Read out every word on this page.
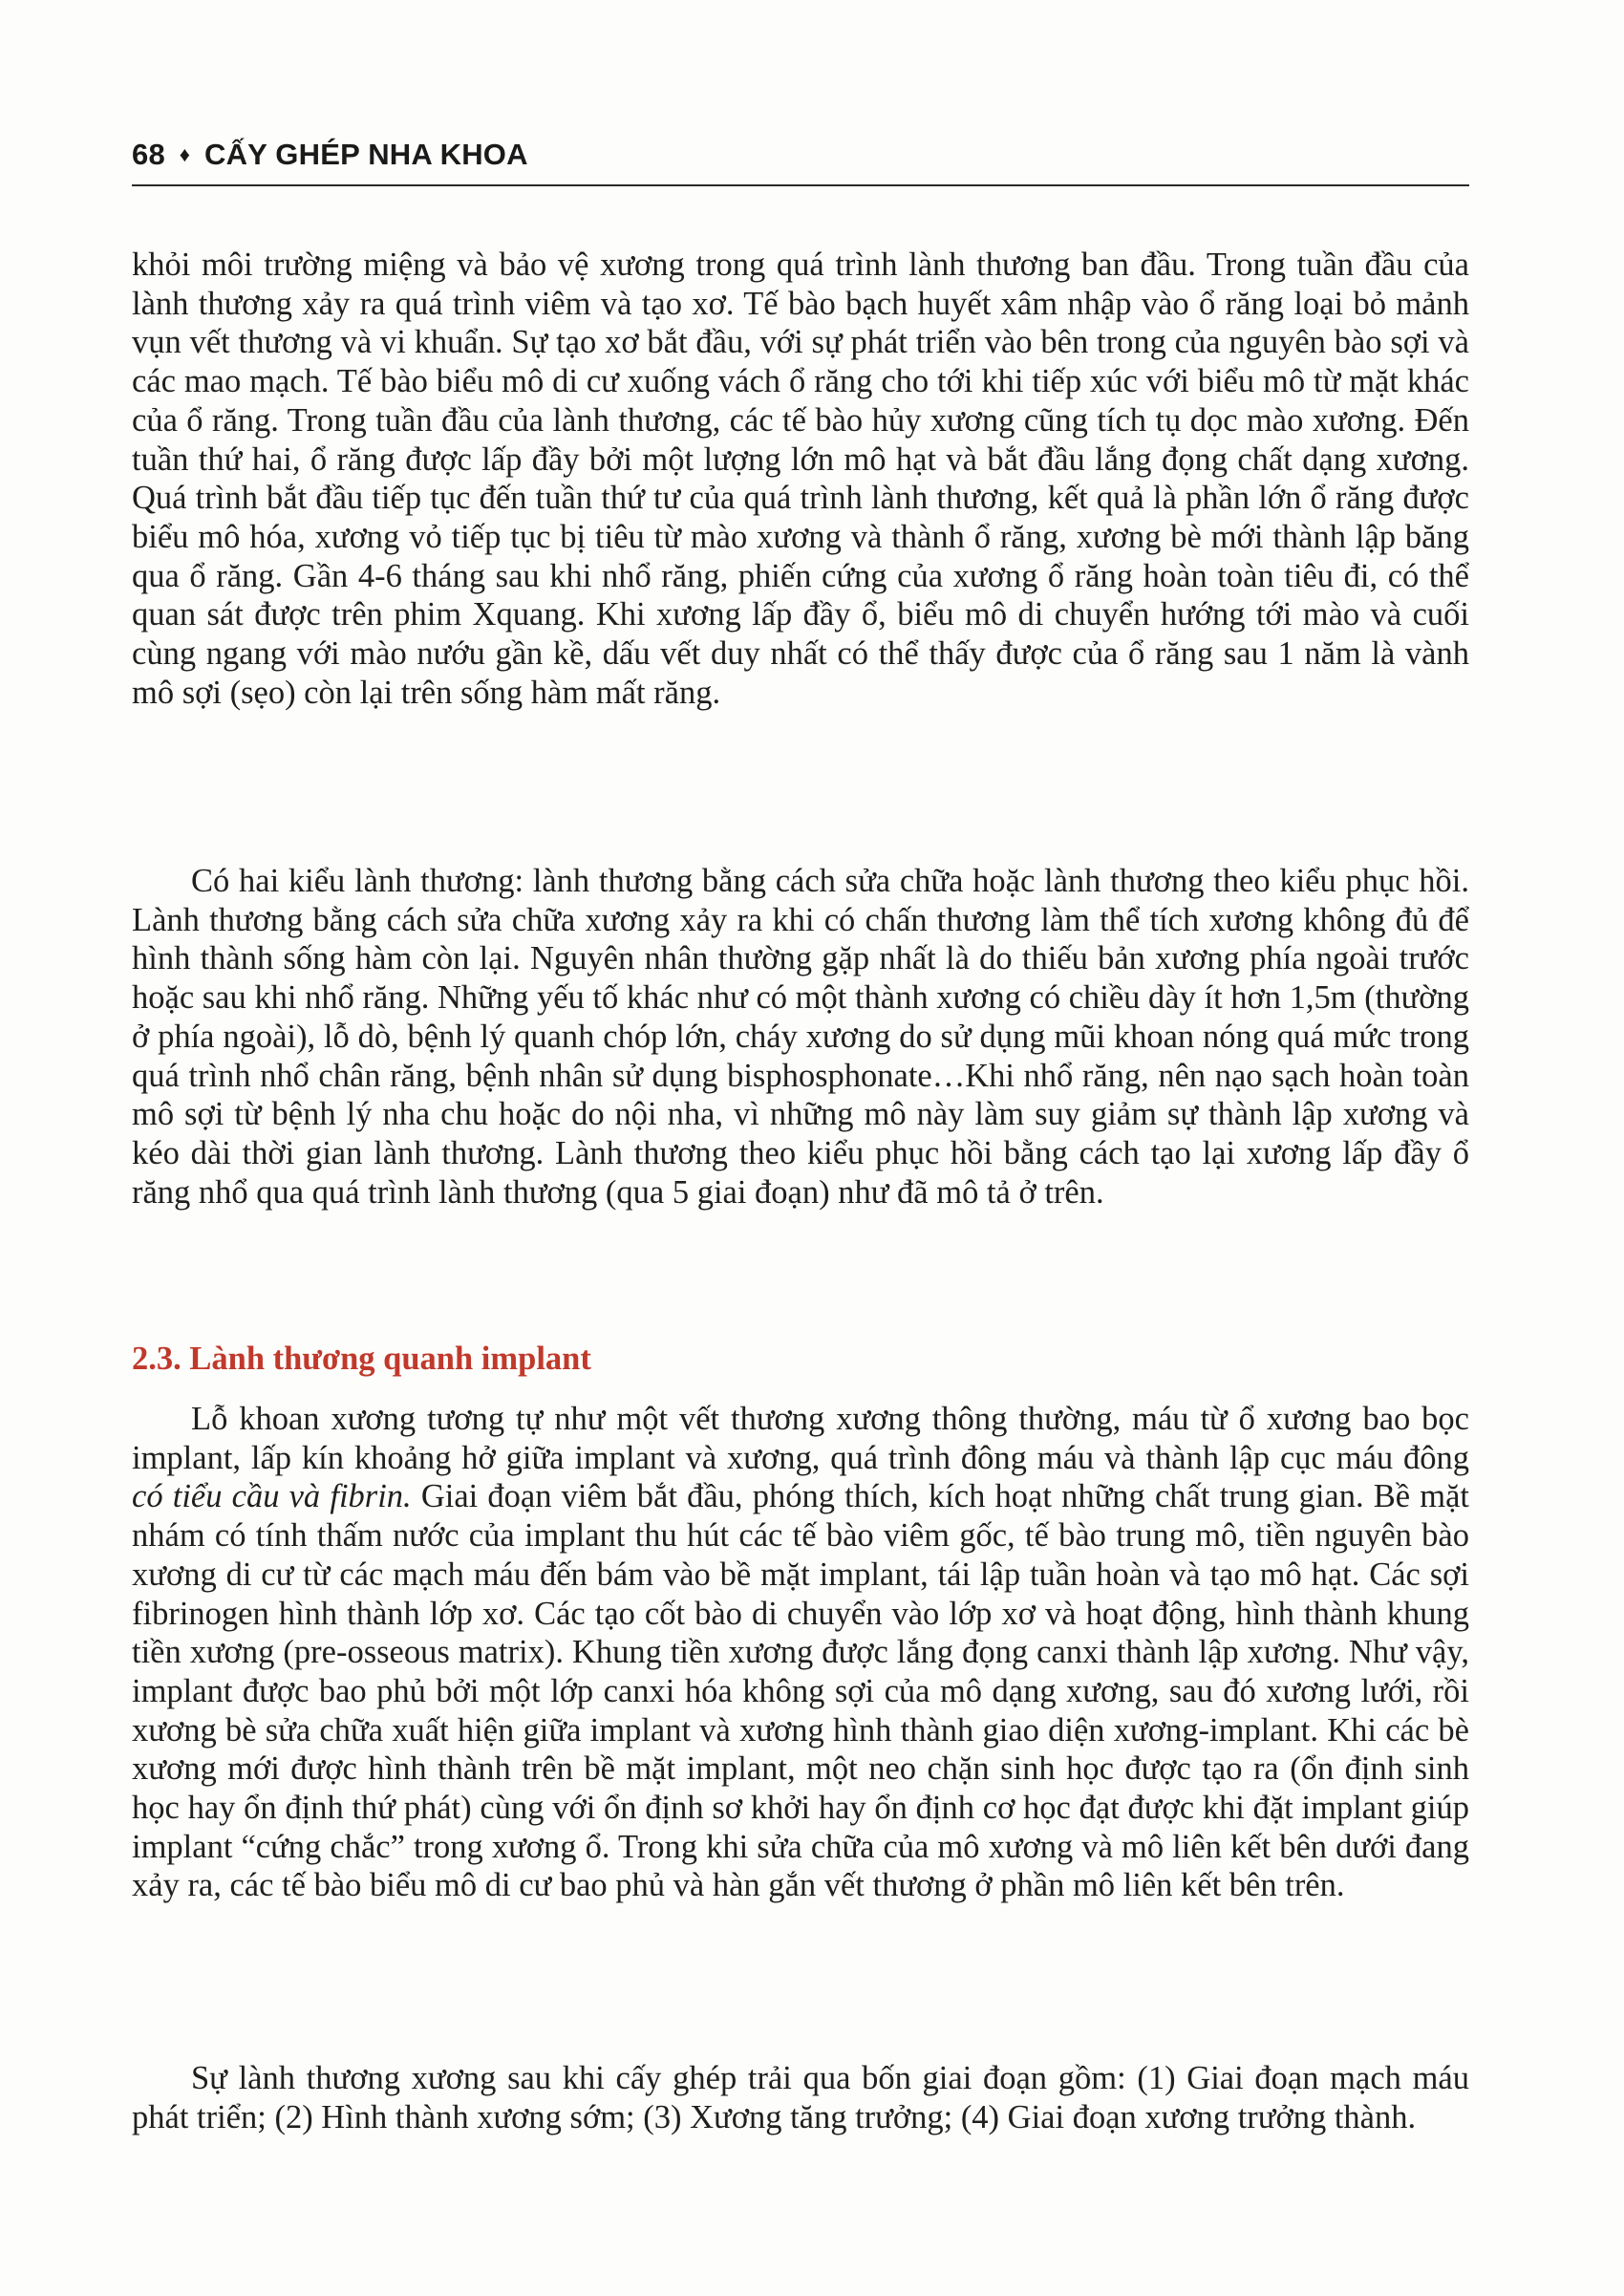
68 ♦ CẤY GHÉP NHA KHOA

khỏi môi trường miệng và bảo vệ xương trong quá trình lành thương ban đầu. Trong tuần đầu của lành thương xảy ra quá trình viêm và tạo xơ. Tế bào bạch huyết xâm nhập vào ổ răng loại bỏ mảnh vụn vết thương và vi khuẩn. Sự tạo xơ bắt đầu, với sự phát triển vào bên trong của nguyên bào sợi và các mao mạch. Tế bào biểu mô di cư xuống vách ổ răng cho tới khi tiếp xúc với biểu mô từ mặt khác của ổ răng. Trong tuần đầu của lành thương, các tế bào hủy xương cũng tích tụ dọc mào xương. Đến tuần thứ hai, ổ răng được lấp đầy bởi một lượng lớn mô hạt và bắt đầu lắng đọng chất dạng xương. Quá trình bắt đầu tiếp tục đến tuần thứ tư của quá trình lành thương, kết quả là phần lớn ổ răng được biểu mô hóa, xương vỏ tiếp tục bị tiêu từ mào xương và thành ổ răng, xương bè mới thành lập băng qua ổ răng. Gần 4-6 tháng sau khi nhổ răng, phiến cứng của xương ổ răng hoàn toàn tiêu đi, có thể quan sát được trên phim Xquang. Khi xương lấp đầy ổ, biểu mô di chuyển hướng tới mào và cuối cùng ngang với mào nướu gần kề, dấu vết duy nhất có thể thấy được của ổ răng sau 1 năm là vành mô sợi (sẹo) còn lại trên sống hàm mất răng.

Có hai kiểu lành thương: lành thương bằng cách sửa chữa hoặc lành thương theo kiểu phục hồi. Lành thương bằng cách sửa chữa xương xảy ra khi có chấn thương làm thể tích xương không đủ để hình thành sống hàm còn lại. Nguyên nhân thường gặp nhất là do thiếu bản xương phía ngoài trước hoặc sau khi nhổ răng. Những yếu tố khác như có một thành xương có chiều dày ít hơn 1,5m (thường ở phía ngoài), lỗ dò, bệnh lý quanh chóp lớn, cháy xương do sử dụng mũi khoan nóng quá mức trong quá trình nhổ chân răng, bệnh nhân sử dụng bisphosphonate…Khi nhổ răng, nên nạo sạch hoàn toàn mô sợi từ bệnh lý nha chu hoặc do nội nha, vì những mô này làm suy giảm sự thành lập xương và kéo dài thời gian lành thương. Lành thương theo kiểu phục hồi bằng cách tạo lại xương lấp đầy ổ răng nhổ qua quá trình lành thương (qua 5 giai đoạn) như đã mô tả ở trên.

2.3. Lành thương quanh implant

Lỗ khoan xương tương tự như một vết thương xương thông thường, máu từ ổ xương bao bọc implant, lấp kín khoảng hở giữa implant và xương, quá trình đông máu và thành lập cục máu đông có tiểu cầu và fibrin. Giai đoạn viêm bắt đầu, phóng thích, kích hoạt những chất trung gian. Bề mặt nhám có tính thấm nước của implant thu hút các tế bào viêm gốc, tế bào trung mô, tiền nguyên bào xương di cư từ các mạch máu đến bám vào bề mặt implant, tái lập tuần hoàn và tạo mô hạt. Các sợi fibrinogen hình thành lớp xơ. Các tạo cốt bào di chuyển vào lớp xơ và hoạt động, hình thành khung tiền xương (pre-osseous matrix). Khung tiền xương được lắng đọng canxi thành lập xương. Như vậy, implant được bao phủ bởi một lớp canxi hóa không sợi của mô dạng xương, sau đó xương lưới, rồi xương bè sửa chữa xuất hiện giữa implant và xương hình thành giao diện xương-implant. Khi các bè xương mới được hình thành trên bề mặt implant, một neo chặn sinh học được tạo ra (ổn định sinh học hay ổn định thứ phát) cùng với ổn định sơ khởi hay ổn định cơ học đạt được khi đặt implant giúp implant “cứng chắc” trong xương ổ. Trong khi sửa chữa của mô xương và mô liên kết bên dưới đang xảy ra, các tế bào biểu mô di cư bao phủ và hàn gắn vết thương ở phần mô liên kết bên trên.

Sự lành thương xương sau khi cấy ghép trải qua bốn giai đoạn gồm: (1) Giai đoạn mạch máu phát triển; (2) Hình thành xương sớm; (3) Xương tăng trưởng; (4) Giai đoạn xương trưởng thành.
